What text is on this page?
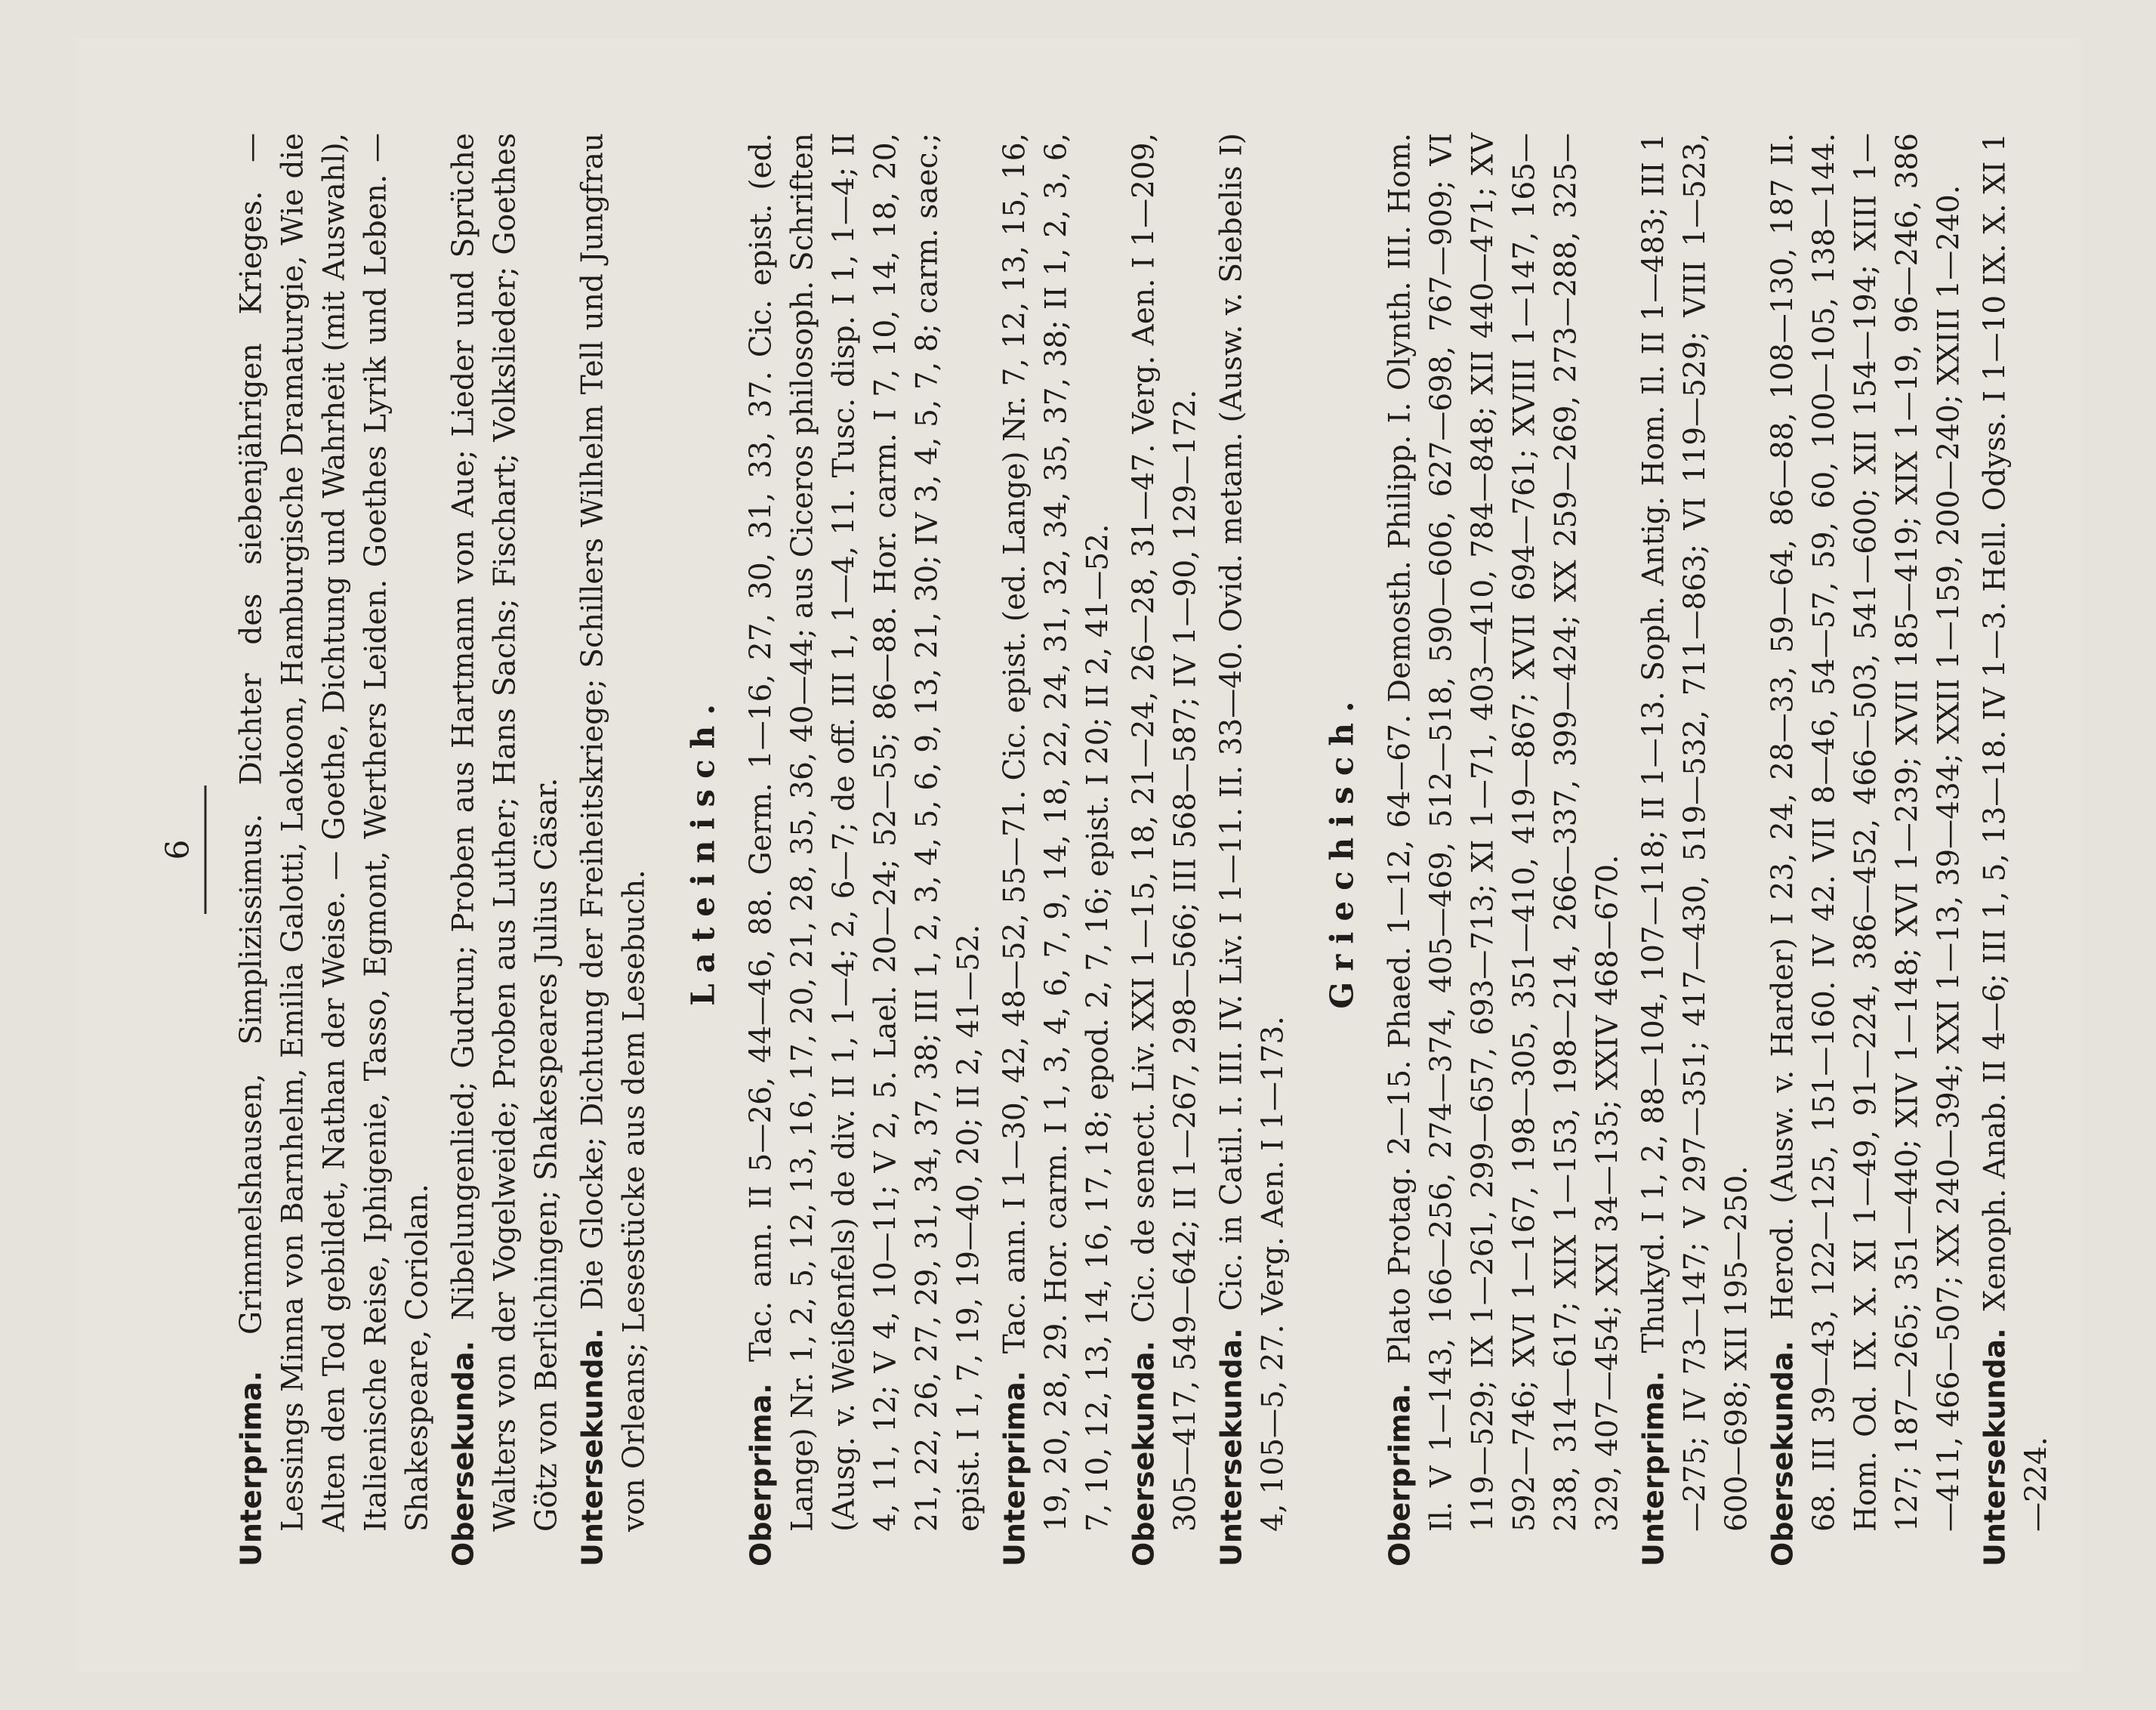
6

Unterprima. Grimmelshausen, Simplizissimus. Dichter des siebenjährigen Krieges. — Lessings Minna von Barnhelm, Emilia Galotti, Laokoon, Hamburgische Dramaturgie, Wie die Alten den Tod gebildet, Nathan der Weise. — Goethe, Dichtung und Wahrheit (mit Auswahl), Italienische Reise, Iphigenie, Tasso, Egmont, Werthers Leiden. Goethes Lyrik und Leben. — Shakespeare, Coriolan. Obersekunda. Nibelungenlied; Gudrun; Proben aus Hartmann von Aue; Lieder und Sprüche Walters von der Vogelweide; Proben aus Luther; Hans Sachs; Fischart; Volkslieder; Goethes Götz von Berlichingen; Shakespeares Julius Cäsar. Untersekunda. Die Glocke; Dichtung der Freiheitskriege; Schillers Wilhelm Tell und Jungfrau von Orleans; Lesestücke aus dem Lesebuch.

Lateinisch.

Oberprima. Tac. ann. II 5—26, 44—46, 88. Germ. 1—16, 27, 30, 31, 33, 37. Cic. epist. (ed. Lange) Nr. 1, 2, 5, 12, 13, 16, 17, 20, 21, 28, 35, 36, 40—44; aus Ciceros philosoph. Schriften (Ausg. v. Weißenfels) de div. II 1, 1—4; 2, 6—7; de off. III 1, 1—4, 11. Tusc. disp. I 1, 1—4; II 4, 11, 12; V 4, 10—11; V 2, 5. Lael. 20—24; 52—55; 86—88. Hor. carm. I 7, 10, 14, 18, 20, 21, 22, 26, 27, 29, 31, 34, 37, 38; III 1, 2, 3, 4, 5, 6, 9, 13, 21, 30; IV 3, 4, 5, 7, 8; carm. saec.; epist. I 1, 7, 19, 19—40, 20; II 2, 41—52. Unterprima. Tac. ann. I 1—30, 42, 48—52, 55—71. Cic. epist. (ed. Lange) Nr. 7, 12, 13, 15, 16, 19, 20, 28, 29. Hor. carm. I 1, 3, 4, 6, 7, 9, 14, 18, 22, 24, 31, 32, 34, 35, 37, 38; II 1, 2, 3, 6, 7, 10, 12, 13, 14, 16, 17, 18; epod. 2, 7, 16; epist. I 20; II 2, 41—52. Obersekunda. Cic. de senect. Liv. XXI 1—15, 18, 21—24, 26—28, 31—47. Verg. Aen. I 1—209, 305—417, 549—642; II 1—267, 298—566; III 568—587; IV 1—90, 129—172. Untersekunda. Cic. in Catil. I. III. IV. Liv. I 1—11. II. 33—40. Ovid. metam. (Ausw. v. Siebelis I) 4, 105—5, 27. Verg. Aen. I 1—173.

Griechisch.

Oberprima. Plato Protag. 2—15. Phaed. 1—12, 64—67. Demosth. Philipp. I. Olynth. III. Hom. Il. V 1—143, 166—256, 274—374, 405—469, 512—518, 590—606, 627—698, 767—909; VI 119—529; IX 1—261, 299—657, 693—713; XI 1—71, 403—410, 784—848; XII 440—471; XV 592—746; XVI 1—167, 198—305, 351—410, 419—867; XVII 694—761; XVIII 1—147, 165—238, 314—617; XIX 1—153, 198—214, 266—337, 399—424; XX 259—269, 273—288, 325—329, 407—454; XXI 34—135; XXIV 468—670. Unterprima. Thukyd. I 1, 2, 88—104, 107—118; II 1—13. Soph. Antig. Hom. Il. II 1—483; III 1—275; IV 73—147; V 297—351; 417—430, 519—532, 711—863; VI 119—529; VIII 1—523, 600—698; XII 195—250. Obersekunda. Herod. (Ausw. v. Harder) I 23, 24, 28—33, 59—64, 86—88, 108—130, 187 II. 68. III 39—43, 122—125, 151—160. IV 42. VII 8—46, 54—57, 59, 60, 100—105, 138—144. Hom. Od. IX. X. XI 1—49, 91—224, 386—452, 466—503, 541—600; XII 154—194; XIII 1—127; 187—265; 351—440; XIV 1—148; XVI 1—239; XVII 185—419; XIX 1—19, 96—246, 386—411, 466—507; XX 240—394; XXI 1—13, 39—434; XXII 1—159, 200—240; XXIII 1—240. Untersekunda. Xenoph. Anab. II 4—6; III 1, 5, 13—18. IV 1—3. Hell. Odyss. I 1—10 IX. X. XI 1—224.
